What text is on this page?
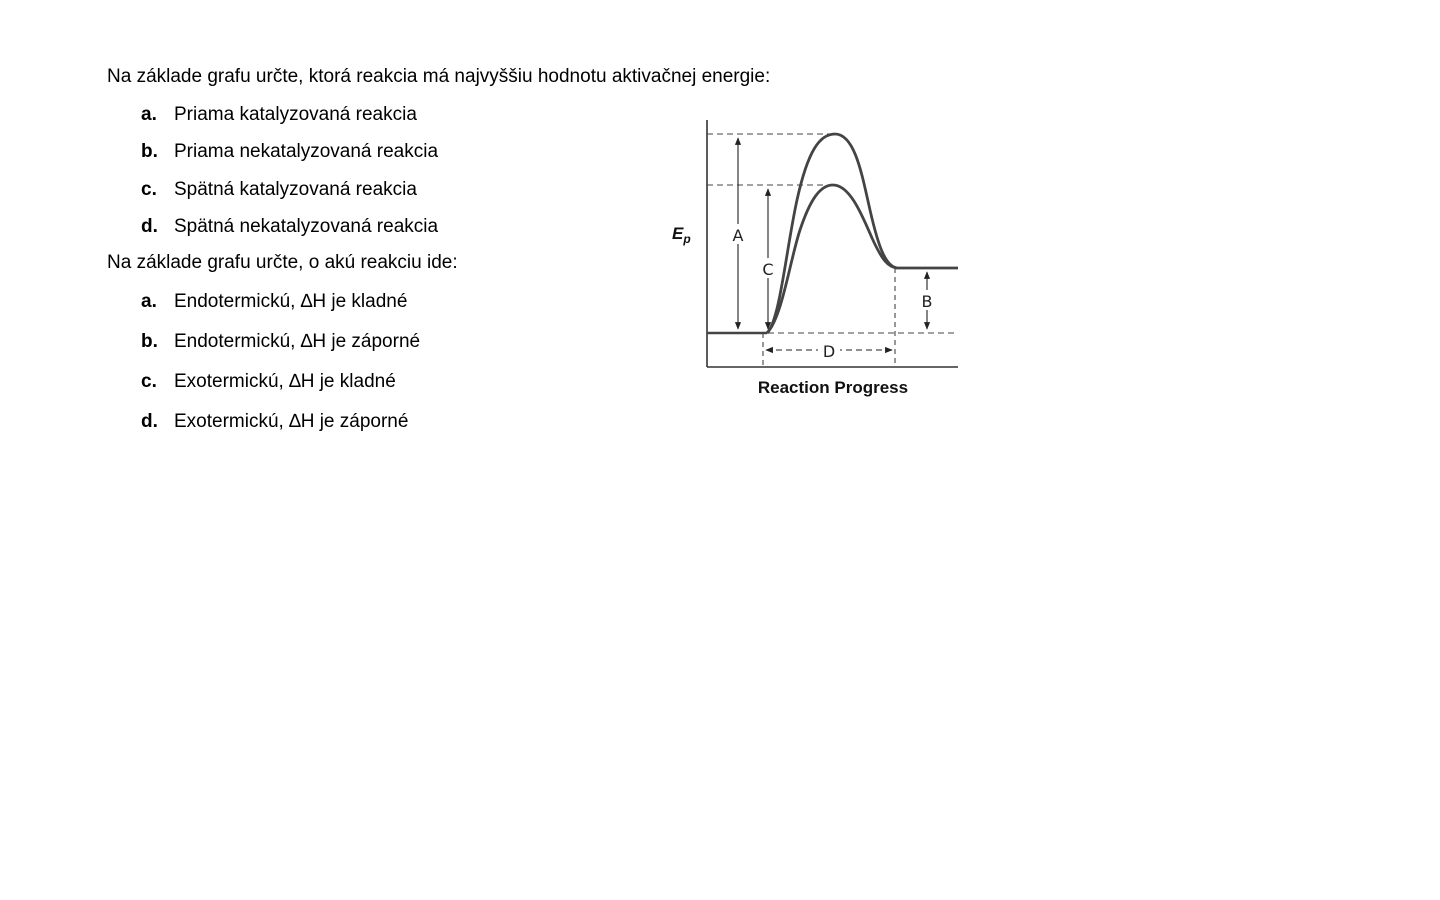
Na základe grafu určte, ktorá reakcia má najvyššiu hodnotu aktivačnej energie:
a. Priama katalyzovaná reakcia
b. Priama nekatalyzovaná reakcia
c. Spätná katalyzovaná reakcia
d. Spätná nekatalyzovaná reakcia
Na základe grafu určte, o akú reakciu ide:
a. Endotermickú, ∆H je kladné
b. Endotermickú, ∆H je záporné
c. Exotermickú, ∆H je kladné
d. Exotermickú, ∆H je záporné
A
C
B
D
$E_p$
Reaction Progress
